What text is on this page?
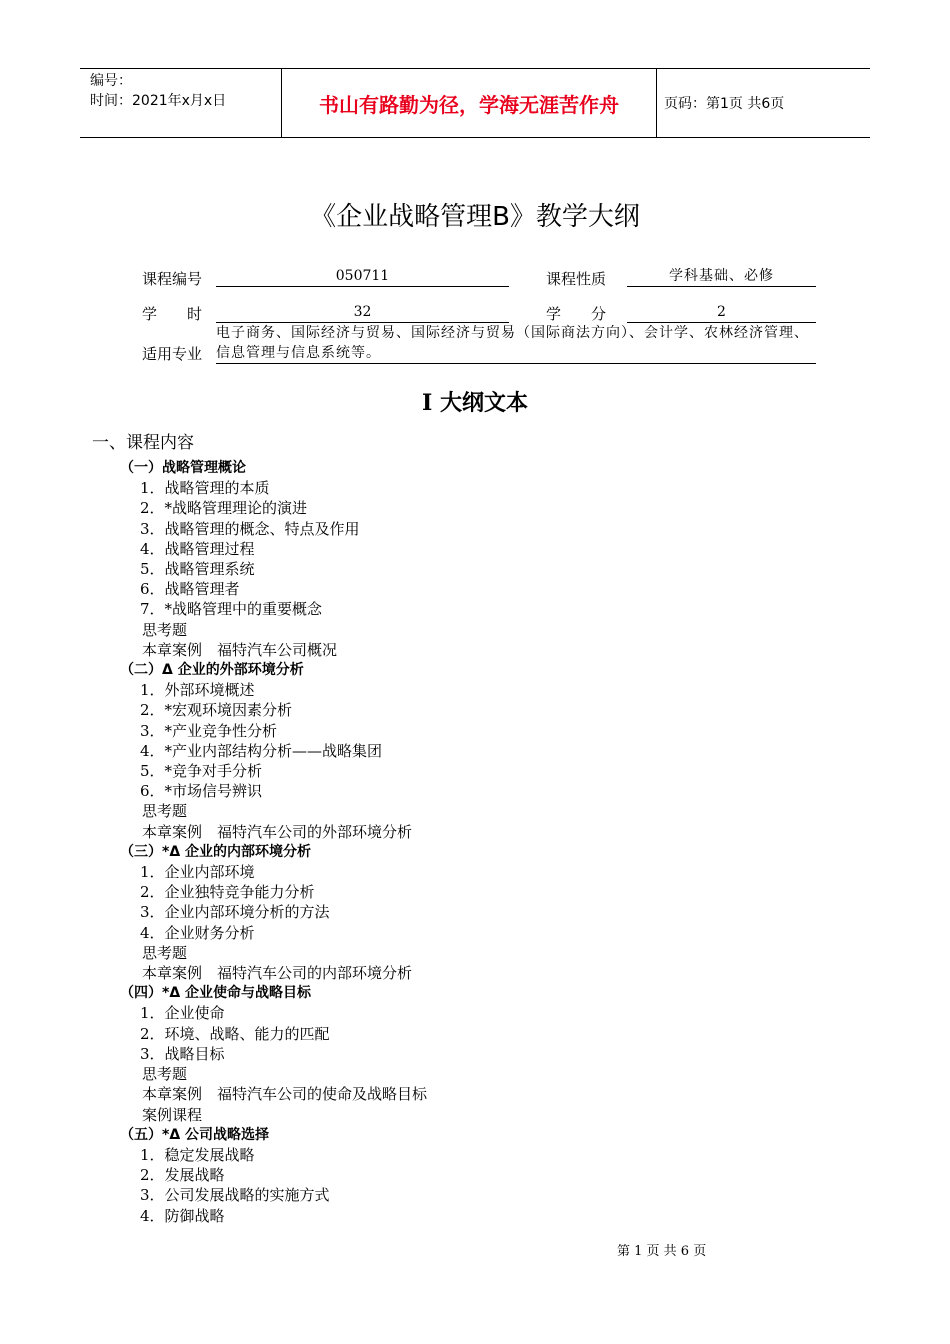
编号：
时间：2021年x月x日	书山有路勤为径，学海无涯苦作舟	页码：第1页 共6页
《企业战略管理B》教学大纲
课程编号	050711	课程性质	学科基础、必修
学　　时	32	学　　分	2
适用专业
电子商务、国际经济与贸易、国际经济与贸易（国际商法方向）、会计学、农林经济管理、信息管理与信息系统等。
I 大纲文本
一、课程内容
（一）战略管理概论
1．战略管理的本质
2．*战略管理理论的演进
3．战略管理的概念、特点及作用
4．战略管理过程
5．战略管理系统
6．战略管理者
7．*战略管理中的重要概念
思考题
本章案例　福特汽车公司概况
（二）Δ 企业的外部环境分析
1．外部环境概述
2．*宏观环境因素分析
3．*产业竞争性分析
4．*产业内部结构分析——战略集团
5．*竞争对手分析
6．*市场信号辨识
思考题
本章案例　福特汽车公司的外部环境分析
（三）*Δ 企业的内部环境分析
1．企业内部环境
2．企业独特竞争能力分析
3．企业内部环境分析的方法
4．企业财务分析
思考题
本章案例　福特汽车公司的内部环境分析
（四）*Δ 企业使命与战略目标
1．企业使命
2．环境、战略、能力的匹配
3．战略目标
思考题
本章案例　福特汽车公司的使命及战略目标
案例课程
（五）*Δ 公司战略选择
1．稳定发展战略
2．发展战略
3．公司发展战略的实施方式
4．防御战略
第 1 页 共 6 页
